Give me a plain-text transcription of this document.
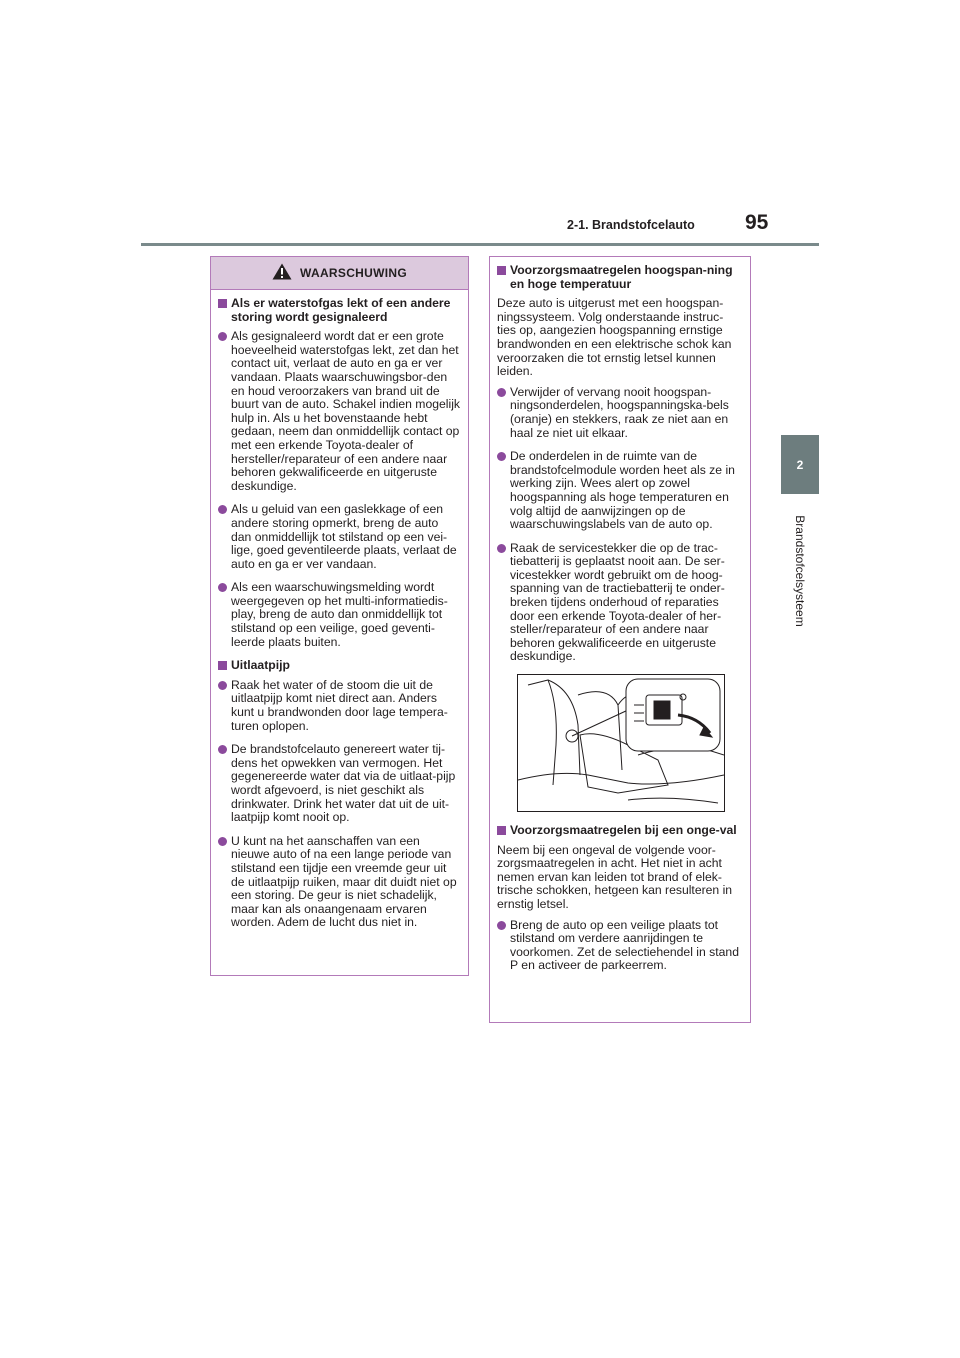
2-1. Brandstofcelauto 95
2
Brandstofcelsysteem
WAARSCHUWING
Als er waterstofgas lekt of een andere storing wordt gesignaleerd
Als gesignaleerd wordt dat er een grote hoeveelheid waterstofgas lekt, zet dan het contact uit, verlaat de auto en ga er ver vandaan. Plaats waarschuwingsbor-den en houd veroorzakers van brand uit de buurt van de auto. Schakel indien mogelijk hulp in. Als u het bovenstaande hebt gedaan, neem dan onmiddellijk contact op met een erkende Toyota-dealer of hersteller/reparateur of een andere naar behoren gekwalificeerde en uitgeruste deskundige.
Als u geluid van een gaslekkage of een andere storing opmerkt, breng de auto dan onmiddellijk tot stilstand op een vei-lige, goed geventileerde plaats, verlaat de auto en ga er ver vandaan.
Als een waarschuwingsmelding wordt weergegeven op het multi-informatiedis-play, breng de auto dan onmiddellijk tot stilstand op een veilige, goed geventi-leerde plaats buiten.
Uitlaatpijp
Raak het water of de stoom die uit de uitlaatpijp komt niet direct aan. Anders kunt u brandwonden door lage tempera-turen oplopen.
De brandstofcelauto genereert water tij-dens het opwekken van vermogen. Het gegenereerde water dat via de uitlaat-pijp wordt afgevoerd, is niet geschikt als drinkwater. Drink het water dat uit de uit-laatpijp komt nooit op.
U kunt na het aanschaffen van een nieuwe auto of na een lange periode van stilstand een tijdje een vreemde geur uit de uitlaatpijp ruiken, maar dit duidt niet op een storing. De geur is niet schadelijk, maar kan als onaangenaam ervaren worden. Adem de lucht dus niet in.
Voorzorgsmaatregelen hoogspan-ning en hoge temperatuur
Deze auto is uitgerust met een hoogspan-ningssysteem. Volg onderstaande instruc-ties op, aangezien hoogspanning ernstige brandwonden en een elektrische schok kan veroorzaken die tot ernstig letsel kunnen leiden.
Verwijder of vervang nooit hoogspan-ningsonderdelen, hoogspanningska-bels (oranje) en stekkers, raak ze niet aan en haal ze niet uit elkaar.
De onderdelen in de ruimte van de brandstofcelmodule worden heet als ze in werking zijn. Wees alert op zowel hoogspanning als hoge temperaturen en volg altijd de aanwijzingen op de waarschuwingslabels van de auto op.
Raak de servicestekker die op de trac-tiebatterij is geplaatst nooit aan. De ser-vicestekker wordt gebruikt om de hoog-spanning van de tractiebatterij te onder-breken tijdens onderhoud of reparaties door een erkende Toyota-dealer of her-steller/reparateur of een andere naar behoren gekwalificeerde en uitgeruste deskundige.
Voorzorgsmaatregelen bij een onge-val
Neem bij een ongeval de volgende voor-zorgsmaatregelen in acht. Het niet in acht nemen ervan kan leiden tot brand of elek-trische schokken, hetgeen kan resulteren in ernstig letsel.
Breng de auto op een veilige plaats tot stilstand om verdere aanrijdingen te voorkomen. Zet de selectiehendel in stand P en activeer de parkeerrem.
